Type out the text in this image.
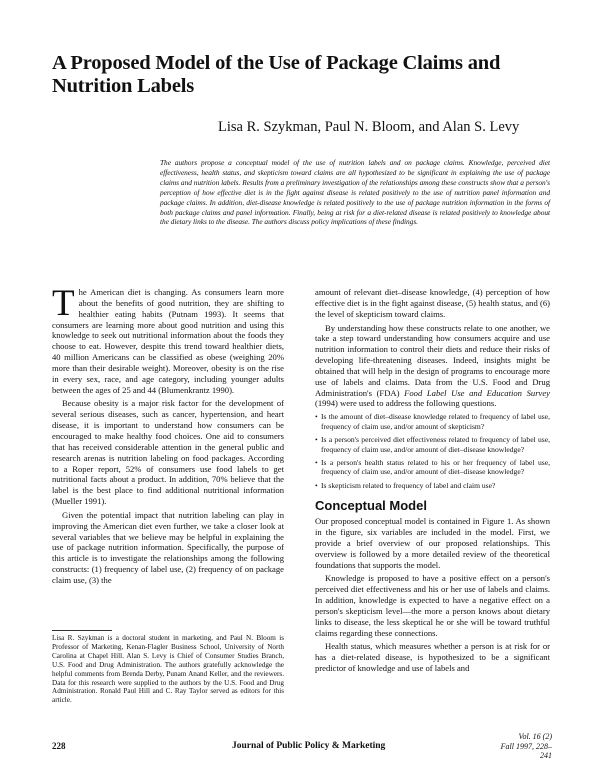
A Proposed Model of the Use of Package Claims and Nutrition Labels

Lisa R. Szykman, Paul N. Bloom, and Alan S. Levy

The authors propose a conceptual model of the use of nutrition labels and on package claims. Knowledge, perceived diet effectiveness, health status, and skepticism toward claims are all hypothesized to be significant in explaining the use of package claims and nutrition labels. Results from a preliminary investigation of the relationships among these constructs show that a person's perception of how effective diet is in the fight against disease is related positively to the use of nutrition panel information and package claims. In addition, diet-disease knowledge is related positively to the use of package nutrition information in the forms of both package claims and panel information. Finally, being at risk for a diet-related disease is related positively to knowledge about the dietary links to the disease. The authors discuss policy implications of these findings.

The American diet is changing. As consumers learn more about the benefits of good nutrition, they are shifting to healthier eating habits (Putnam 1993). It seems that consumers are learning more about good nutrition and using this knowledge to seek out nutritional information about the foods they choose to eat. However, despite this trend toward healthier diets, 40 million Americans can be classified as obese (weighing 20% more than their desirable weight). Moreover, obesity is on the rise in every sex, race, and age category, including younger adults between the ages of 25 and 44 (Blumenkrantz 1990).

Because obesity is a major risk factor for the development of several serious diseases, such as cancer, hypertension, and heart disease, it is important to understand how consumers can be encouraged to make healthy food choices. One aid to consumers that has received considerable attention in the general public and research arenas is nutrition labeling on food packages. According to a Roper report, 52% of consumers use food labels to get nutritional facts about a product. In addition, 70% believe that the label is the best place to find additional nutritional information (Mueller 1991).

Given the potential impact that nutrition labeling can play in improving the American diet even further, we take a closer look at several variables that we believe may be helpful in explaining the use of package nutrition information. Specifically, the purpose of this article is to investigate the relationships among the following constructs: (1) frequency of label use, (2) frequency of on package claim use, (3) the

Lisa R. Szykman is a doctoral student in marketing, and Paul N. Bloom is Professor of Marketing, Kenan-Flagler Business School, University of North Carolina at Chapel Hill. Alan S. Levy is Chief of Consumer Studies Branch, U.S. Food and Drug Administration. The authors gratefully acknowledge the helpful comments from Brenda Derby, Punam Anand Keller, and the reviewers. Data for this research were supplied to the authors by the U.S. Food and Drug Administration. Ronald Paul Hill and C. Ray Taylor served as editors for this article.

amount of relevant diet–disease knowledge, (4) perception of how effective diet is in the fight against disease, (5) health status, and (6) the level of skepticism toward claims.

By understanding how these constructs relate to one another, we take a step toward understanding how consumers acquire and use nutrition information to control their diets and reduce their risks of developing life-threatening diseases. Indeed, insights might be obtained that will help in the design of programs to encourage more use of labels and claims. Data from the U.S. Food and Drug Administration's (FDA) Food Label Use and Education Survey (1994) were used to address the following questions.

• Is the amount of diet–disease knowledge related to frequency of label use, frequency of claim use, and/or amount of skepticism?
• Is a person's perceived diet effectiveness related to frequency of label use, frequency of claim use, and/or amount of diet–disease knowledge?
• Is a person's health status related to his or her frequency of label use, frequency of claim use, and/or amount of diet–disease knowledge?
• Is skepticism related to frequency of label and claim use?
Conceptual Model

Our proposed conceptual model is contained in Figure 1. As shown in the figure, six variables are included in the model. First, we provide a brief overview of our proposed relationships. This overview is followed by a more detailed review of the theoretical foundations that supports the model.

Knowledge is proposed to have a positive effect on a person's perceived diet effectiveness and his or her use of labels and claims. In addition, knowledge is expected to have a negative effect on a person's skepticism level—the more a person knows about dietary links to disease, the less skeptical he or she will be toward truthful claims regarding these connections.

Health status, which measures whether a person is at risk for or has a diet-related disease, is hypothesized to be a significant predictor of knowledge and use of labels and

228	Journal of Public Policy & Marketing

Vol. 16 (2)
Fall 1997, 228–241
